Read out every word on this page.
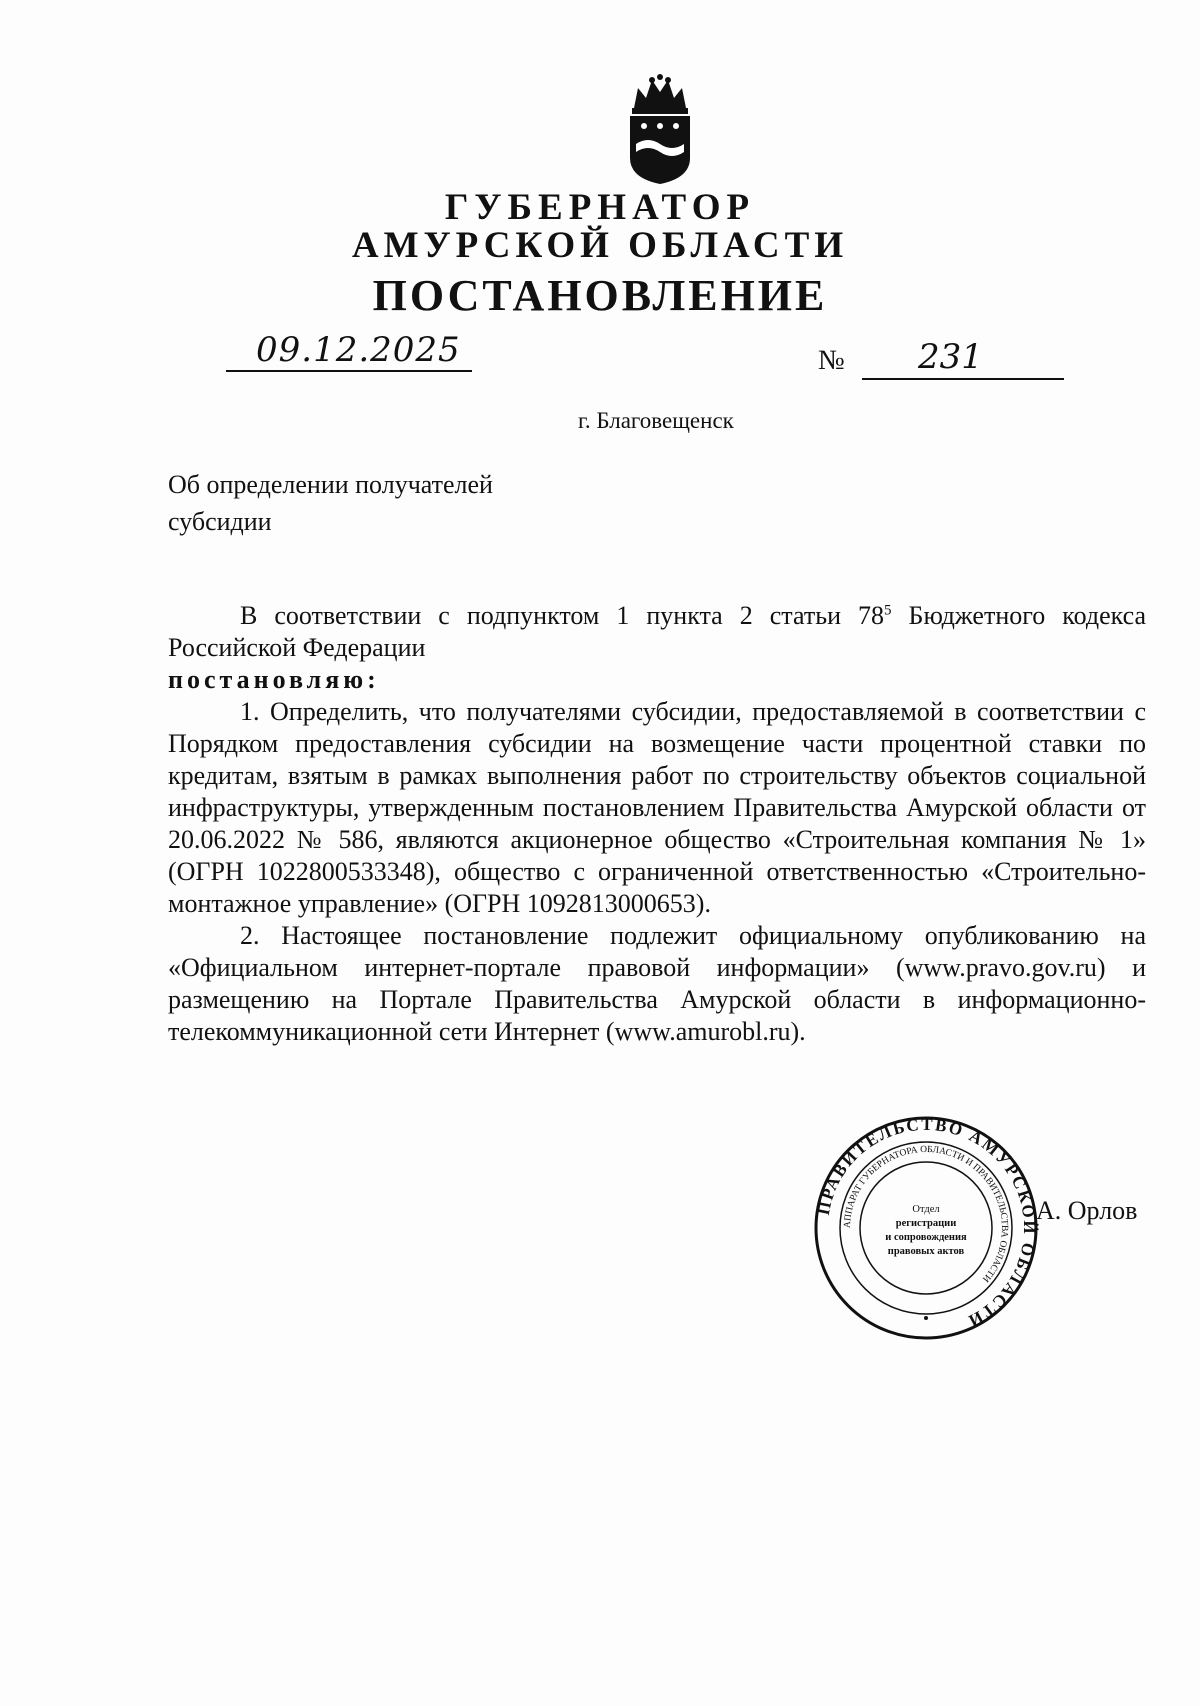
ГУБЕРНАТОР
АМУРСКОЙ ОБЛАСТИ
ПОСТАНОВЛЕНИЕ
09.12.2025	№ 231
г. Благовещенск
Об определении получателей
субсидии

В соответствии с подпунктом 1 пункта 2 статьи $78^5$ Бюджетного кодекса Российской Федерации

постановляю:

1. Определить, что получателями субсидии, предоставляемой в соответствии с Порядком предоставления субсидии на возмещение части процентной ставки по кредитам, взятым в рамках выполнения работ по строительству объектов социальной инфраструктуры, утвержденным постановлением Правительства Амурской области от 20.06.2022 № 586, являются акционерное общество «Строительная компания № 1» (ОГРН 1022800533348), общество с ограниченной ответственностью «Строительно-монтажное управление» (ОГРН 1092813000653).

2. Настоящее постановление подлежит официальному опубликованию на «Официальном интернет-портале правовой информации» (www.pravo.gov.ru) и размещению на Портале Правительства Амурской области в информационно-телекоммуникационной сети Интернет (www.amurobl.ru).

А. Орлов
ПРАВИТЕЛЬСТВО АМУРСКОЙ ОБЛАСТИ
АППАРАТ ГУБЕРНАТОРА ОБЛАСТИ И ПРАВИТЕЛЬСТВА ОБЛАСТИ
Отдел
регистрации
и сопровождения
правовых актов
